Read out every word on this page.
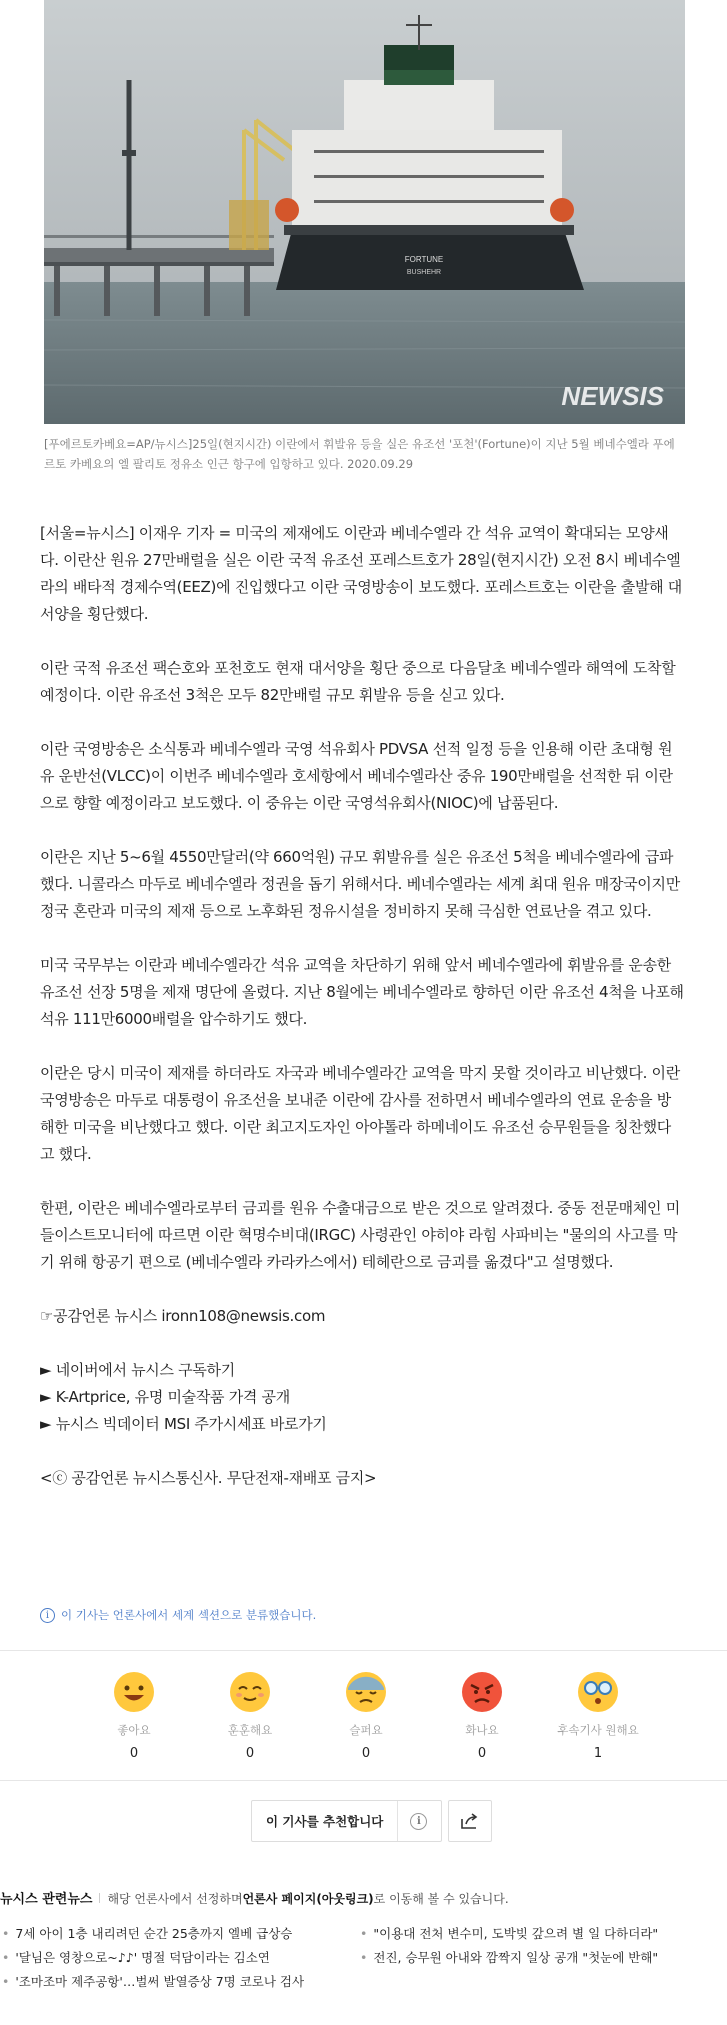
FORTUNE
BUSHEHR
NEWSIS
[푸에르토카베요=AP/뉴시스]25일(현지시간) 이란에서 휘발유 등을 실은 유조선 '포천'(Fortune)이 지난 5월 베네수엘라 푸에
르토 카베요의 엘 팔리토 정유소 인근 항구에 입항하고 있다. 2020.09.29

[서울=뉴시스] 이재우 기자 = 미국의 제재에도 이란과 베네수엘라 간 석유 교역이 확대되는 모양새다. 이란산 원유 27만배럴을 실은 이란 국적 유조선 포레스트호가 28일(현지시간) 오전 8시 베네수엘라의 배타적 경제수역(EEZ)에 진입했다고 이란 국영방송이 보도했다. 포레스트호는 이란을 출발해 대서양을 횡단했다.

이란 국적 유조선 팩슨호와 포천호도 현재 대서양을 횡단 중으로 다음달초 베네수엘라 해역에 도착할 예정이다. 이란 유조선 3척은 모두 82만배럴 규모 휘발유 등을 싣고 있다.

이란 국영방송은 소식통과 베네수엘라 국영 석유회사 PDVSA 선적 일정 등을 인용해 이란 초대형 원유 운반선(VLCC)이 이번주 베네수엘라 호세항에서 베네수엘라산 중유 190만배럴을 선적한 뒤 이란으로 향할 예정이라고 보도했다. 이 중유는 이란 국영석유회사(NIOC)에 납품된다.

이란은 지난 5~6월 4550만달러(약 660억원) 규모 휘발유를 실은 유조선 5척을 베네수엘라에 급파했다. 니콜라스 마두로 베네수엘라 정권을 돕기 위해서다. 베네수엘라는 세계 최대 원유 매장국이지만 정국 혼란과 미국의 제재 등으로 노후화된 정유시설을 정비하지 못해 극심한 연료난을 겪고 있다.

미국 국무부는 이란과 베네수엘라간 석유 교역을 차단하기 위해 앞서 베네수엘라에 휘발유를 운송한 유조선 선장 5명을 제재 명단에 올렸다. 지난 8월에는 베네수엘라로 향하던 이란 유조선 4척을 나포해 석유 111만6000배럴을 압수하기도 했다.

이란은 당시 미국이 제재를 하더라도 자국과 베네수엘라간 교역을 막지 못할 것이라고 비난했다. 이란 국영방송은 마두로 대통령이 유조선을 보내준 이란에 감사를 전하면서 베네수엘라의 연료 운송을 방해한 미국을 비난했다고 했다. 이란 최고지도자인 아야톨라 하메네이도 유조선 승무원들을 칭찬했다고 했다.

한편, 이란은 베네수엘라로부터 금괴를 원유 수출대금으로 받은 것으로 알려졌다. 중동 전문매체인 미들이스트모니터에 따르면 이란 혁명수비대(IRGC) 사령관인 야히야 라힘 사파비는 "물의의 사고를 막기 위해 항공기 편으로 (베네수엘라 카라카스에서) 테헤란으로 금괴를 옮겼다"고 설명했다.

☞공감언론 뉴시스 ironn108@newsis.com

► 네이버에서 뉴시스 구독하기

► K-Artprice, 유명 미술작품 가격 공개

► 뉴시스 빅데이터 MSI 주가시세표 바로가기

<ⓒ 공감언론 뉴시스통신사. 무단전재-재배포 금지>

i	이 기사는 언론사에서 세계 섹션으로 분류했습니다.
좋아요
0
훈훈해요
0
슬퍼요
0
화나요
0
후속기사 원해요
1
이 기사를 추천합니다	i
뉴시스 관련뉴스 해당 언론사에서 선정하며 언론사 페이지(아웃링크) 로 이동해 볼 수 있습니다.
• 7세 아이 1층 내리려던 순간 25층까지 엘베 급상승	• "이용대 전처 변수미, 도박빚 갚으려 별 일 다하더라"
• '달님은 영창으로~♪♪' 명절 덕담이라는 김소연	• 전진, 승무원 아내와 깜짝지 일상 공개 "첫눈에 반해"
• '조마조마 제주공항'…벌써 발열증상 7명 코로나 검사
